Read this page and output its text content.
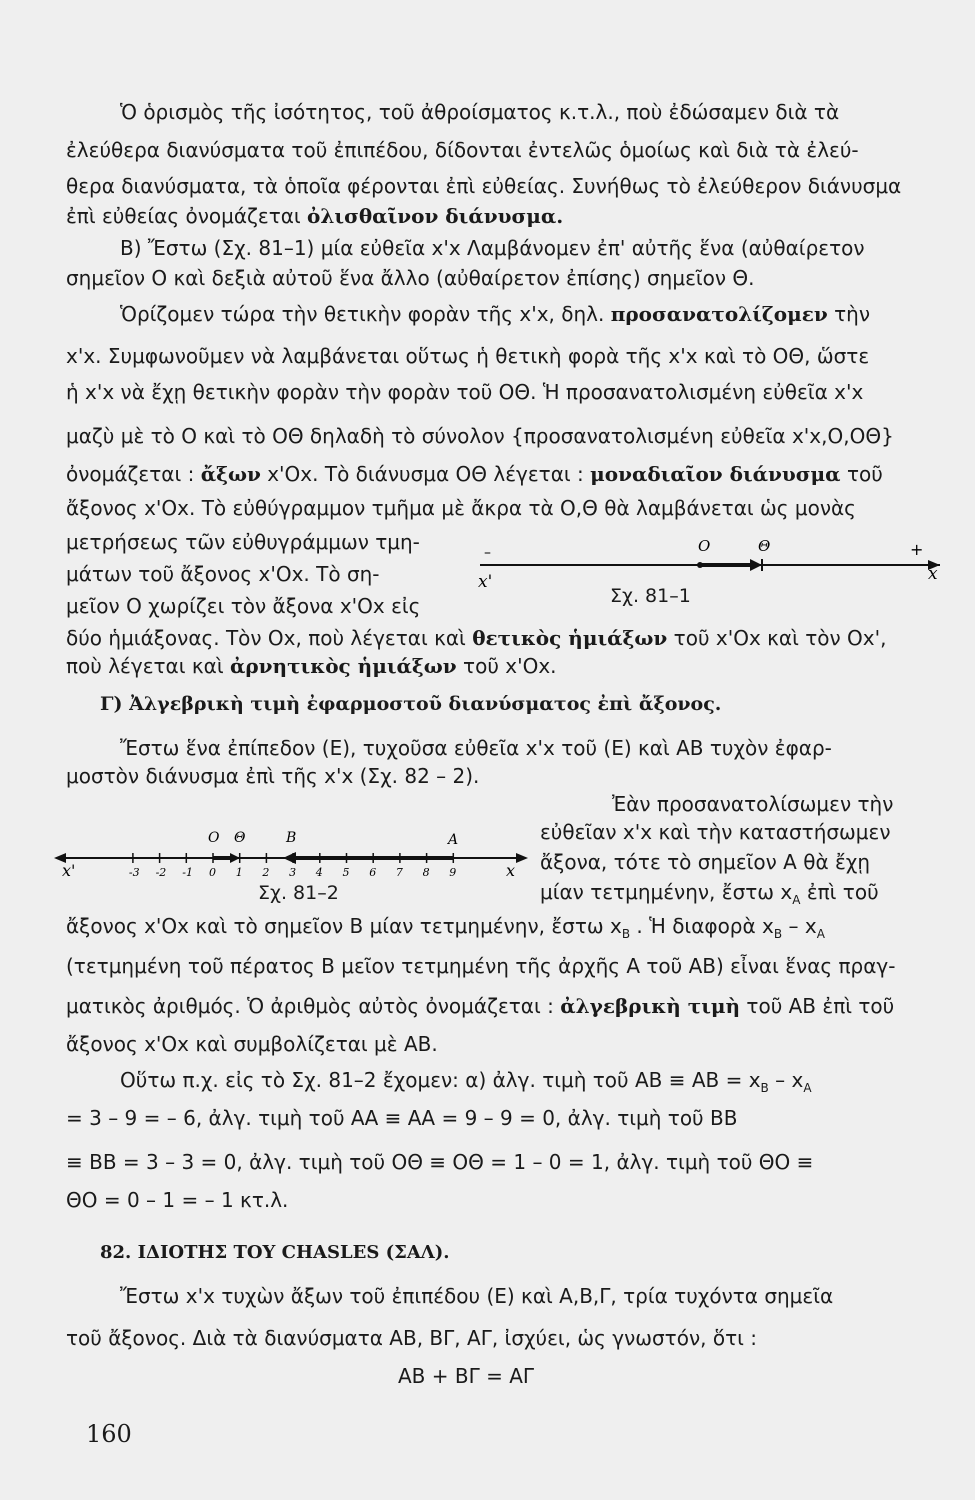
Ὁ ὁρισμὸς τῆς ἰσότητος, τοῦ ἀθροίσματος κ.τ.λ., ποὺ ἐδώσαμεν διὰ τὰ
ἐλεύθερα διανύσματα τοῦ ἐπιπέδου, δίδονται ἐντελῶς ὁμοίως καὶ διὰ τὰ ἐλεύ-
θερα διανύσματα, τὰ ὁποῖα φέρονται ἐπὶ εὐθείας. Συνήθως τὸ ἐλεύθερον διάνυσμα
ἐπὶ εὐθείας ὀνομάζεται ὀλισθαῖνον διάνυσμα.
Β) Ἔστω (Σχ. 81–1) μία εὐθεῖα x'x Λαμβάνομεν ἐπ' αὐτῆς ἕνα (αὐθαίρετον
σημεῖον Ο καὶ δεξιὰ αὐτοῦ ἕνα ἄλλο (αὐθαίρετον ἐπίσης) σημεῖον Θ.
Ὁρίζομεν τώρα τὴν θετικὴν φορὰν τῆς x'x, δηλ. προσανατολίζομεν τὴν
x'x. Συμφωνοῦμεν νὰ λαμβάνεται οὕτως ἡ θετικὴ φορὰ τῆς x'x καὶ τὸ ΟΘ, ὥστε
ἡ x'x νὰ ἔχῃ θετικὴν φορὰν τὴν φορὰν τοῦ ΟΘ. Ἡ προσανατολισμένη εὐθεῖα x'x
μαζὺ μὲ τὸ Ο καὶ τὸ ΟΘ δηλαδὴ τὸ σύνολον {προσανατολισμένη εὐθεῖα x'x,Ο,ΟΘ}
ὀνομάζεται : ἄξων x'Οx. Τὸ διάνυσμα ΟΘ λέγεται : μοναδιαῖον διάνυσμα τοῦ
ἄξονος x'Οx. Τὸ εὐθύγραμμον τμῆμα μὲ ἄκρα τὰ Ο,Θ θὰ λαμβάνεται ὡς μονὰς
μετρήσεως τῶν εὐθυγράμμων τμη-
μάτων τοῦ ἄξονος x'Οx. Τὸ ση-
μεῖον Ο χωρίζει τὸν ἄξονα x'Οx εἰς
O	Θ	+
–
x'	x
Σχ. 81–1
δύο ἡμιάξονας. Τὸν Οx, ποὺ λέγεται καὶ θετικὸς ἡμιάξων τοῦ x'Οx καὶ τὸν Οx',
ποὺ λέγεται καὶ ἀρνητικὸς ἡμιάξων τοῦ x'Οx.
Γ) Ἀλγεβρικὴ τιμὴ ἐφαρμοστοῦ διανύσματος ἐπὶ ἄξονος.
Ἔστω ἕνα ἐπίπεδον (Ε), τυχοῦσα εὐθεῖα x'x τοῦ (Ε) καὶ ΑΒ τυχὸν ἐφαρ-
μοστὸν διάνυσμα ἐπὶ τῆς x'x (Σχ. 82 – 2).
Ἐὰν προσανατολίσωμεν τὴν
εὐθεῖαν x'x καὶ τὴν καταστήσωμεν
ἄξονα, τότε τὸ σημεῖον Α θὰ ἔχῃ
μίαν τετμημένην, ἔστω $x_A$ ἐπὶ τοῦ
-3 -2 -1 0 1 2 3 4 5 6 7 8 9
O Θ	B	A
x'	x
Σχ. 81–2
ἄξονος x'Οx καὶ τὸ σημεῖον Β μίαν τετμημένην, ἔστω $x_B$ . Ἡ διαφορὰ $x_B - x_A$
(τετμημένη τοῦ πέρατος Β μεῖον τετμημένη τῆς ἀρχῆς Α τοῦ ΑΒ) εἶναι ἕνας πραγ-
ματικὸς ἀριθμός. Ὁ ἀριθμὸς αὐτὸς ὀνομάζεται : ἀλγεβρικὴ τιμὴ τοῦ ΑΒ ἐπὶ τοῦ
ἄξονος x'Οx καὶ συμβολίζεται μὲ ΑΒ.
Οὕτω π.χ. εἰς τὸ Σχ. 81–2 ἔχομεν: α) ἀλγ. τιμὴ τοῦ $AB \equiv AB = x_B - x_A$
= 3 – 9 = – 6, ἀλγ. τιμὴ τοῦ ΑΑ ≡ ΑΑ = 9 – 9 = 0, ἀλγ. τιμὴ τοῦ ΒΒ
≡ ΒΒ = 3 – 3 = 0, ἀλγ. τιμὴ τοῦ ΟΘ ≡ ΟΘ = 1 – 0 = 1, ἀλγ. τιμὴ τοῦ ΘΟ ≡
ΘΟ = 0 – 1 = – 1 κτ.λ.
82. ΙΔΙΟΤΗΣ ΤΟΥ CHASLES (ΣΑΛ).
Ἔστω x'x τυχὼν ἄξων τοῦ ἐπιπέδου (Ε) καὶ Α,Β,Γ, τρία τυχόντα σημεῖα
τοῦ ἄξονος. Διὰ τὰ διανύσματα ΑΒ, ΒΓ, ΑΓ, ἰσχύει, ὡς γνωστόν, ὅτι :
ΑΒ + ΒΓ = ΑΓ
160
